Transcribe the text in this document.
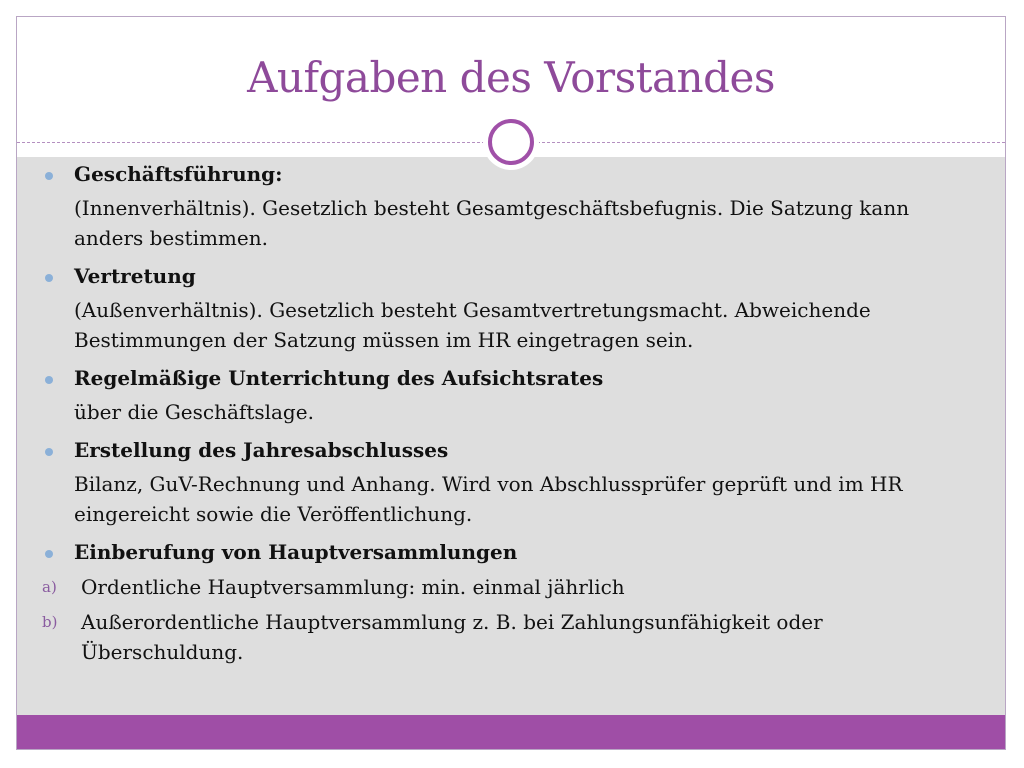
Aufgaben des Vorstandes
Geschäftsführung:
(Innenverhältnis). Gesetzlich besteht Gesamtgeschäftsbefugnis. Die Satzung kann anders bestimmen.
Vertretung
(Außenverhältnis). Gesetzlich besteht Gesamtvertretungsmacht. Abweichende Bestimmungen der Satzung müssen im HR eingetragen sein.
Regelmäßige Unterrichtung des Aufsichtsrates
über die Geschäftslage.
Erstellung des Jahresabschlusses
Bilanz, GuV-Rechnung und Anhang. Wird von Abschlussprüfer geprüft und im HR eingereicht sowie die Veröffentlichung.
Einberufung von Hauptversammlungen
a) Ordentliche Hauptversammlung: min. einmal jährlich
b) Außerordentliche Hauptversammlung z. B. bei Zahlungsunfähigkeit oder Überschuldung.
